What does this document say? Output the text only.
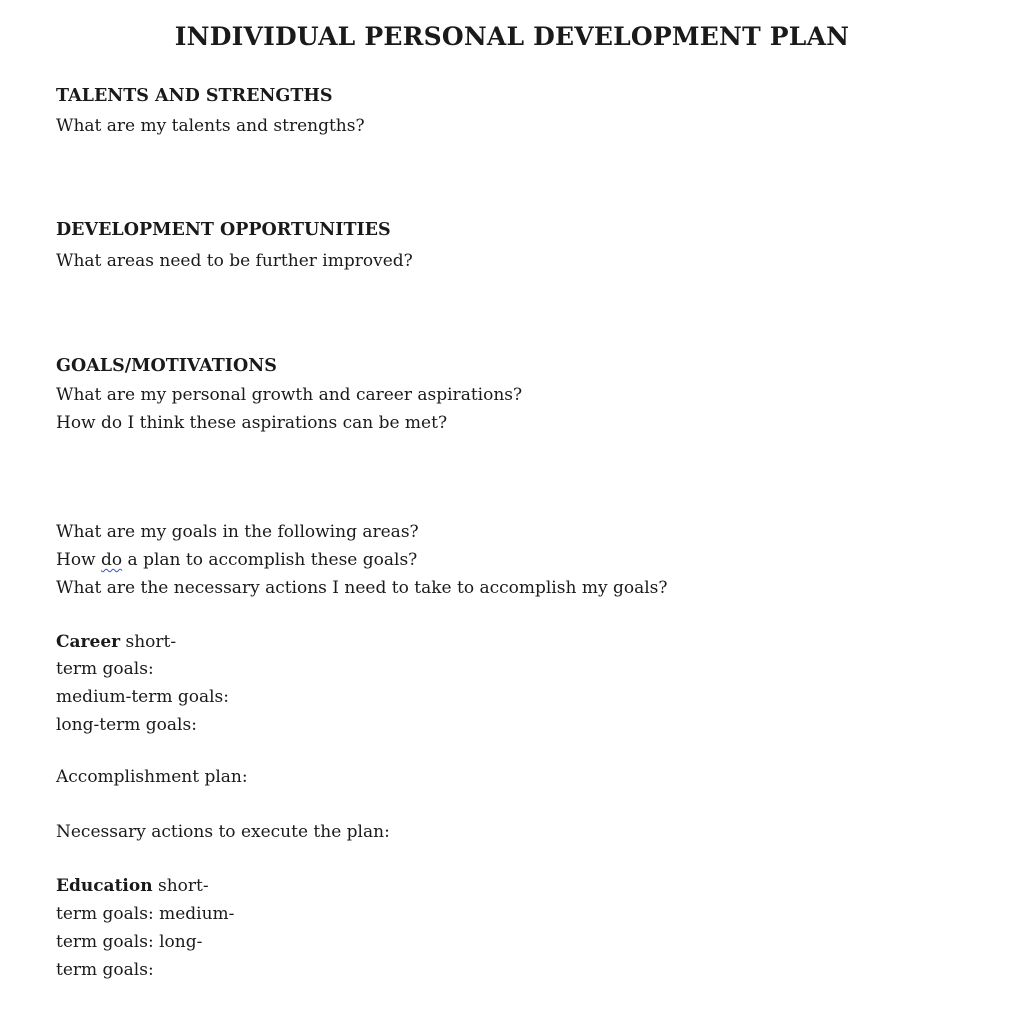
INDIVIDUAL PERSONAL DEVELOPMENT PLAN
TALENTS AND STRENGTHS
What are my talents and strengths?
DEVELOPMENT OPPORTUNITIES
What areas need to be further improved?
GOALS/MOTIVATIONS
What are my personal growth and career aspirations?
How do I think these aspirations can be met?
What are my goals in the following areas?
How do a plan to accomplish these goals?
What are the necessary actions I need to take to accomplish my goals?
Career short-
term goals:
medium-term goals:
long-term goals:
Accomplishment plan:
Necessary actions to execute the plan:
Education short-
term goals: medium-
term goals: long-
term goals:
